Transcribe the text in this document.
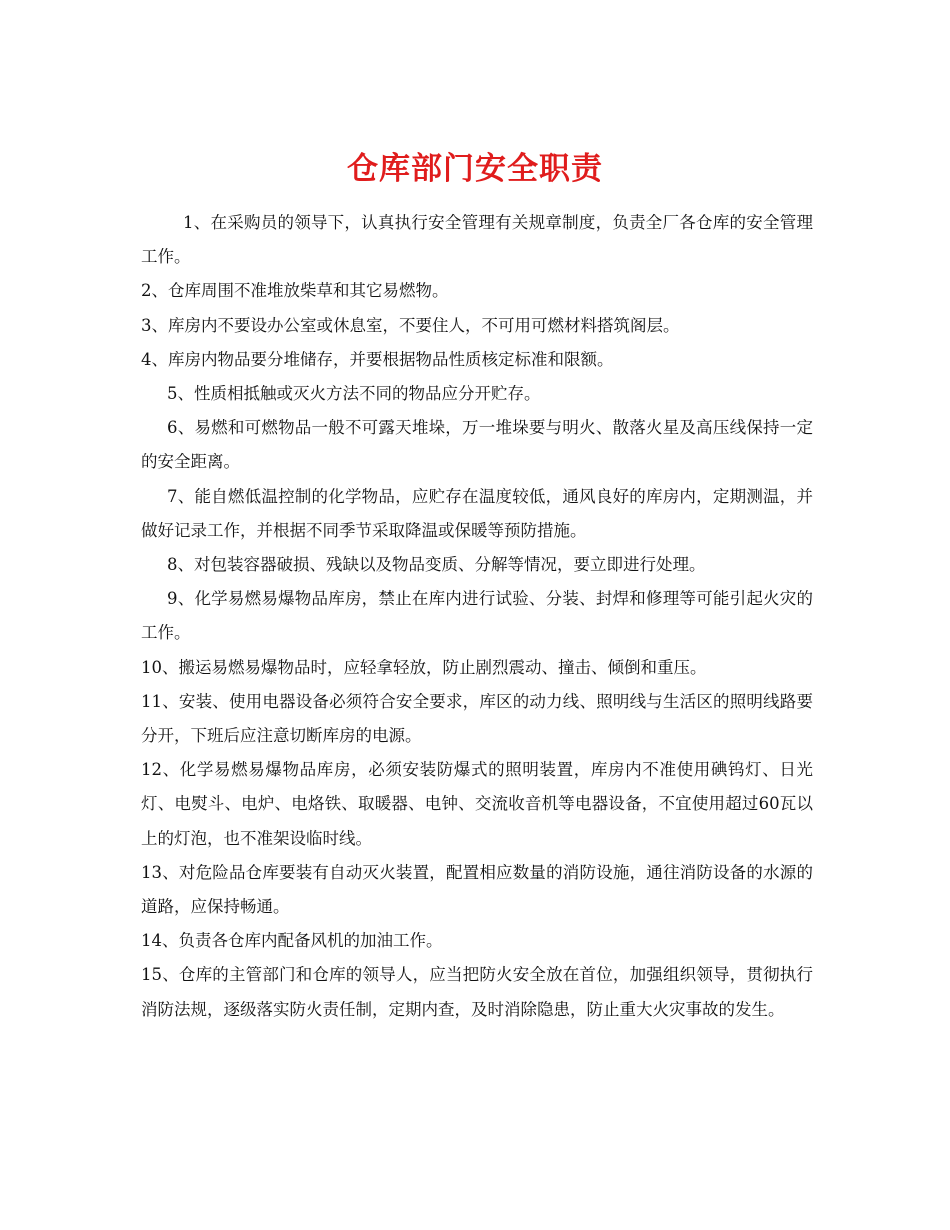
仓库部门安全职责

1、在采购员的领导下，认真执行安全管理有关规章制度，负责全厂各仓库的安全管理工作。

2、仓库周围不准堆放柴草和其它易燃物。

3、库房内不要设办公室或休息室，不要住人，不可用可燃材料搭筑阁层。

4、库房内物品要分堆储存，并要根据物品性质核定标准和限额。

5、性质相抵触或灭火方法不同的物品应分开贮存。

6、易燃和可燃物品一般不可露天堆垛，万一堆垛要与明火、散落火星及高压线保持一定的安全距离。

7、能自燃低温控制的化学物品，应贮存在温度较低，通风良好的库房内，定期测温，并做好记录工作，并根据不同季节采取降温或保暖等预防措施。

8、对包装容器破损、残缺以及物品变质、分解等情况，要立即进行处理。

9、化学易燃易爆物品库房，禁止在库内进行试验、分装、封焊和修理等可能引起火灾的工作。

10、搬运易燃易爆物品时，应轻拿轻放，防止剧烈震动、撞击、倾倒和重压。

11、安装、使用电器设备必须符合安全要求，库区的动力线、照明线与生活区的照明线路要分开，下班后应注意切断库房的电源。

12、化学易燃易爆物品库房，必须安装防爆式的照明装置，库房内不准使用碘钨灯、日光灯、电熨斗、电炉、电烙铁、取暖器、电钟、交流收音机等电器设备，不宜使用超过60瓦以上的灯泡，也不准架设临时线。

13、对危险品仓库要装有自动灭火装置，配置相应数量的消防设施，通往消防设备的水源的道路，应保持畅通。

14、负责各仓库内配备风机的加油工作。

15、仓库的主管部门和仓库的领导人，应当把防火安全放在首位，加强组织领导，贯彻执行消防法规，逐级落实防火责任制，定期内查，及时消除隐患，防止重大火灾事故的发生。
